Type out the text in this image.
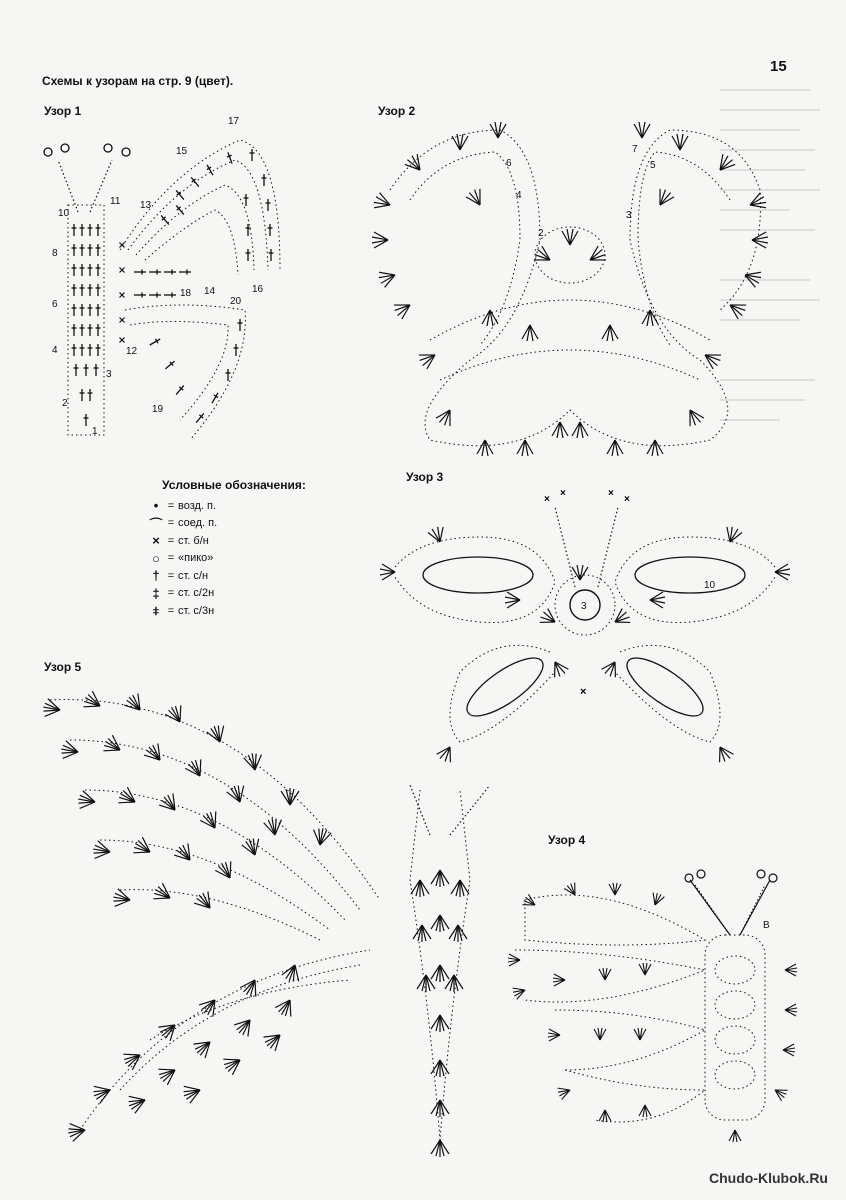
15
Схемы к узорам на стр. 9 (цвет).
Узор 1
17
15
13
10
11
8
6
4
3
2
1
12
14	16
18
19
20
Узор 2
2
3
4
5
6
7
Условные обозначения:
• = возд. п.
⌒ = соед. п.
× = ст. б/н
○ = «пико»
† = ст. с/н
‡ = ст. с/2н
⧧ = ст. с/3н
Узор 3
×
×	×
×
×
3
10
Узор 5
Узор 4
В
Chudo-Klubok.Ru
